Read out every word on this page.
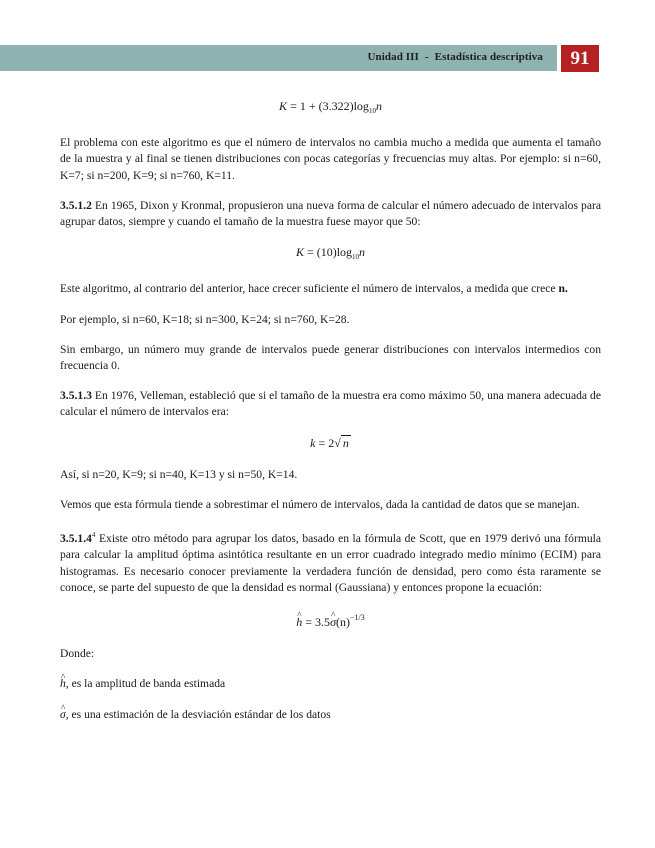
Unidad III - Estadística descriptiva	91
$K = 1 + (3.322)\log_{10}n$

El problema con este algoritmo es que el número de intervalos no cambia mucho a medida que aumenta el tamaño de la muestra y al final se tienen distribuciones con pocas categorías y frecuencias muy altas. Por ejemplo: si n=60, K=7; si n=200, K=9; si n=760, K=11.

3.5.1.2 En 1965, Dixon y Kronmal, propusieron una nueva forma de calcular el número adecuado de intervalos para agrupar datos, siempre y cuando el tamaño de la muestra fuese mayor que 50:

$K = (10)\log_{10}n$

Este algoritmo, al contrario del anterior, hace crecer suficiente el número de intervalos, a medida que crece n.

Por ejemplo, si n=60, K=18; si n=300, K=24; si n=760, K=28.

Sin embargo, un número muy grande de intervalos puede generar distribuciones con intervalos intermedios con frecuencia 0.

3.5.1.3 En 1976, Velleman, estableció que si el tamaño de la muestra era como máximo 50, una manera adecuada de calcular el número de intervalos era:

k = 2√ n

Así, si n=20, K=9; si n=40, K=13 y si n=50, K=14.

Vemos que esta fórmula tiende a sobrestimar el número de intervalos, dada la cantidad de datos que se manejan.

3.5.1.4$^4$ Existe otro método para agrupar los datos, basado en la fórmula de Scott, que en 1979 derivó una fórmula para calcular la amplitud óptima asintótica resultante en un error cuadrado integrado medio mínimo (ECIM) para histogramas. Es necesario conocer previamente la verdadera función de densidad, pero como ésta raramente se conoce, se parte del supuesto de que la densidad es normal (Gaussiana) y entonces propone la ecuación:

^ h = 3.5^ $\sigma(n)^{-1/3}$

Donde:

^ h, es la amplitud de banda estimada

^ σ, es una estimación de la desviación estándar de los datos
